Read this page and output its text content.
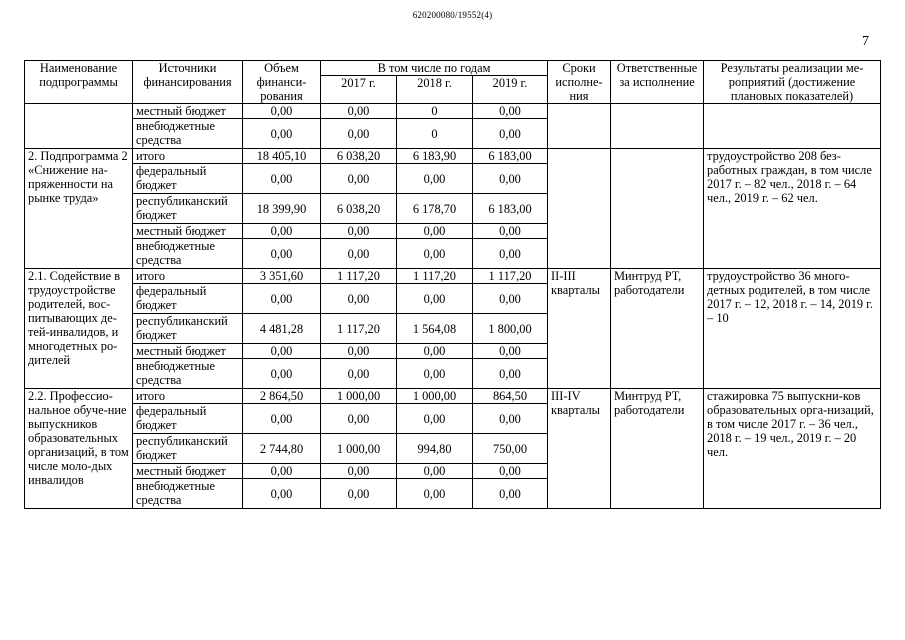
620200080/19552(4)
7
Наименование подпрограммы	Источники финансирования	Объем финанси-рования	В том числе по годам			Сроки исполне-ния	Ответственные за исполнение	Результаты реализации ме-роприятий (достижение плановых показателей)
			2017 г.	2018 г.	2019 г.			
	местный бюджет	0,00	0,00	0	0,00			
	внебюджетные средства	0,00	0,00	0	0,00			
2. Подпрограмма 2 «Снижение на-пряженности на рынке труда»	итого	18 405,10	6 038,20	6 183,90	6 183,00			трудоустройство 208 без-работных граждан, в том числе 2017 г. – 82 чел., 2018 г. – 64 чел., 2019 г. – 62 чел.
	федеральный бюджет	0,00	0,00	0,00	0,00			
	республиканский бюджет	18 399,90	6 038,20	6 178,70	6 183,00			
	местный бюджет	0,00	0,00	0,00	0,00			
	внебюджетные средства	0,00	0,00	0,00	0,00			
2.1. Содействие в трудоустройстве родителей, вос-питывающих де-тей-инвалидов, и многодетных ро-дителей	итого	3 351,60	1 117,20	1 117,20	1 117,20	II-III кварталы	Минтруд РТ, работодатели	трудоустройство 36 много-детных родителей, в том числе 2017 г. – 12, 2018 г. – 14, 2019 г. – 10
	федеральный бюджет	0,00	0,00	0,00	0,00			
	республиканский бюджет	4 481,28	1 117,20	1 564,08	1 800,00			
	местный бюджет	0,00	0,00	0,00	0,00			
	внебюджетные средства	0,00	0,00	0,00	0,00			
2.2. Профессио-нальное обуче-ние выпускников образовательных организаций, в том числе моло-дых инвалидов	итого	2 864,50	1 000,00	1 000,00	864,50	III-IV кварталы	Минтруд РТ, работодатели	стажировка 75 выпускни-ков образовательных орга-низаций, в том числе 2017 г. – 36 чел., 2018 г. – 19 чел., 2019 г. – 20 чел.
	федеральный бюджет	0,00	0,00	0,00	0,00			
	республиканский бюджет	2 744,80	1 000,00	994,80	750,00			
	местный бюджет	0,00	0,00	0,00	0,00			
	внебюджетные средства	0,00	0,00	0,00	0,00			
